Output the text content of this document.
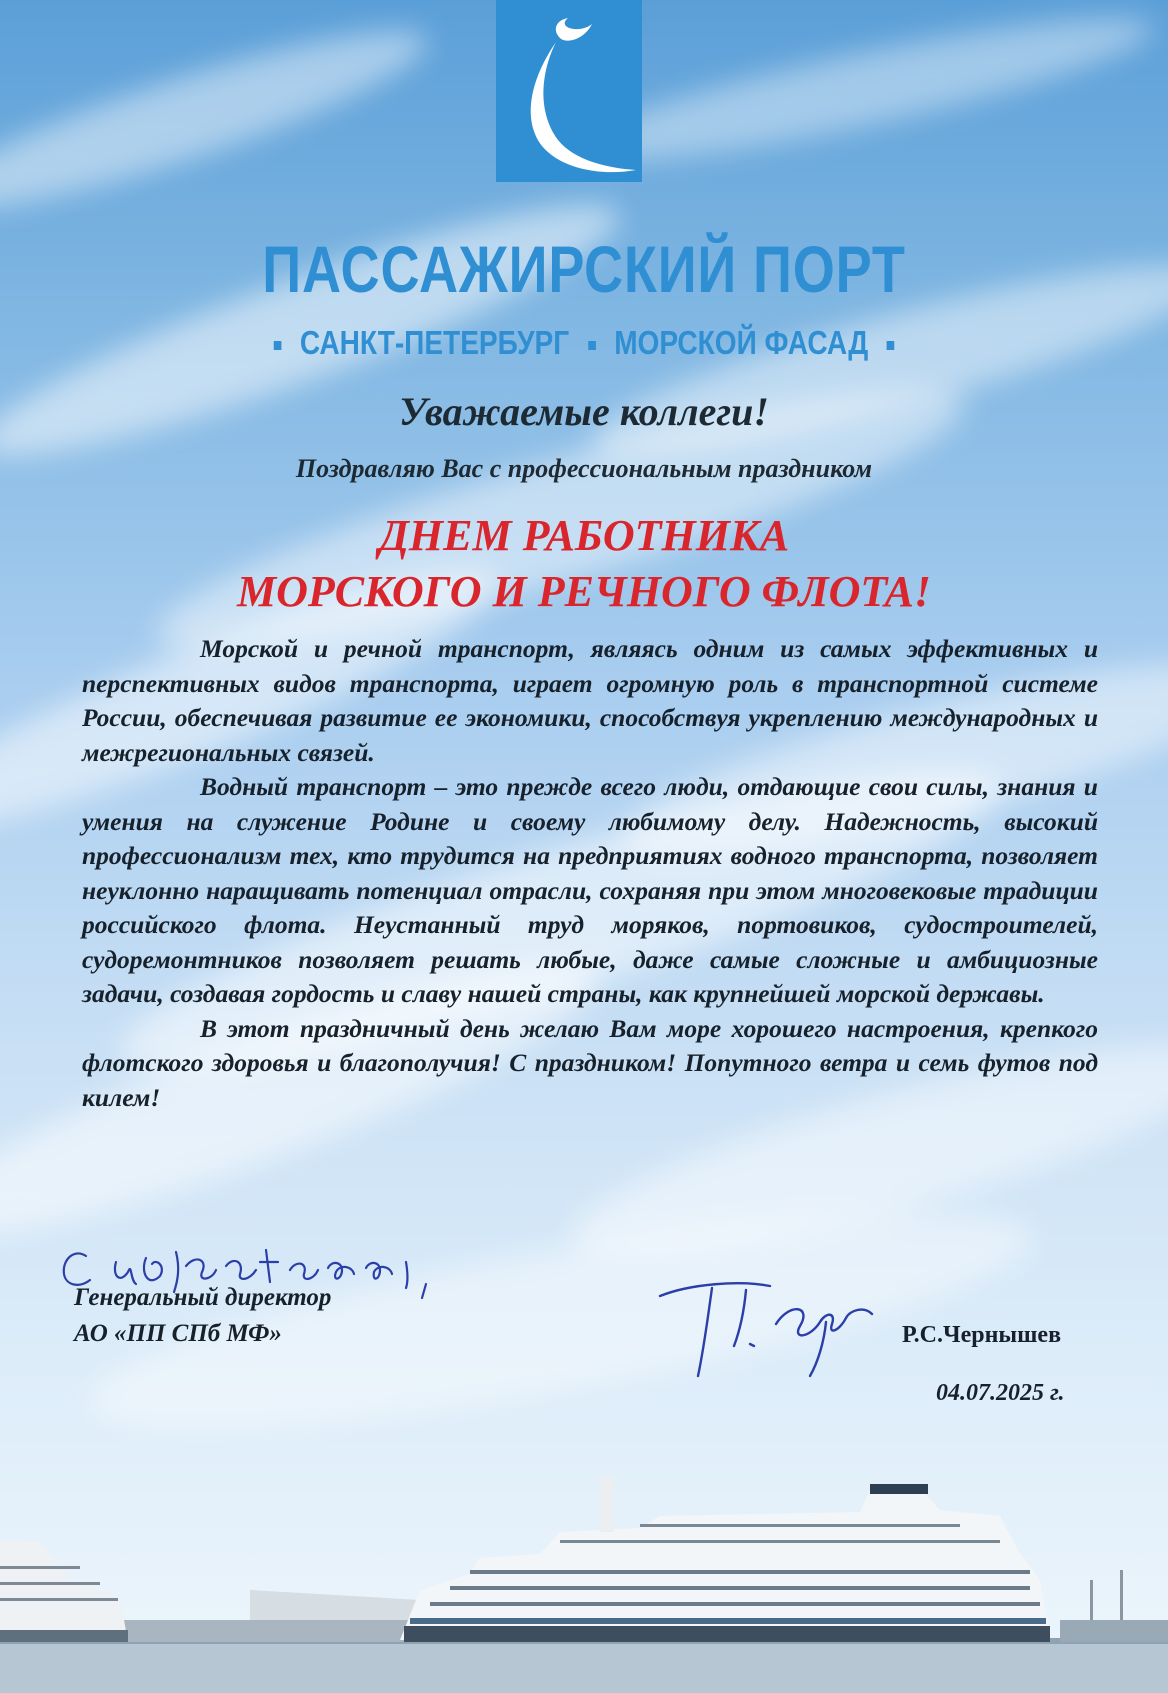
ПАССАЖИРСКИЙ ПОРТ
САНКТ-ПЕТЕРБУРГ МОРСКОЙ ФАСАД
Уважаемые коллеги!
Поздравляю Вас с профессиональным праздником
ДНЕМ РАБОТНИКА
МОРСКОГО И РЕЧНОГО ФЛОТА!

Морской и речной транспорт, являясь одним из самых эффективных и перспективных видов транспорта, играет огромную роль в транспортной системе России, обеспечивая развитие ее экономики, способствуя укреплению международных и межрегиональных связей.

Водный транспорт – это прежде всего люди, отдающие свои силы, знания и умения на служение Родине и своему любимому делу. Надежность, высокий профессионализм тех, кто трудится на предприятиях водного транспорта, позволяет неуклонно наращивать потенциал отрасли, сохраняя при этом многовековые традиции российского флота. Неустанный труд моряков, портовиков, судостроителей, судоремонтников позволяет решать любые, даже самые сложные и амбициозные задачи, создавая гордость и славу нашей страны, как крупнейшей морской державы.

В этот праздничный день желаю Вам море хорошего настроения, крепкого флотского здоровья и благополучия! С праздником! Попутного ветра и семь футов под килем!

Генеральный директор
АО «ПП СПб МФ»	Р.С.Чернышев
04.07.2025 г.
